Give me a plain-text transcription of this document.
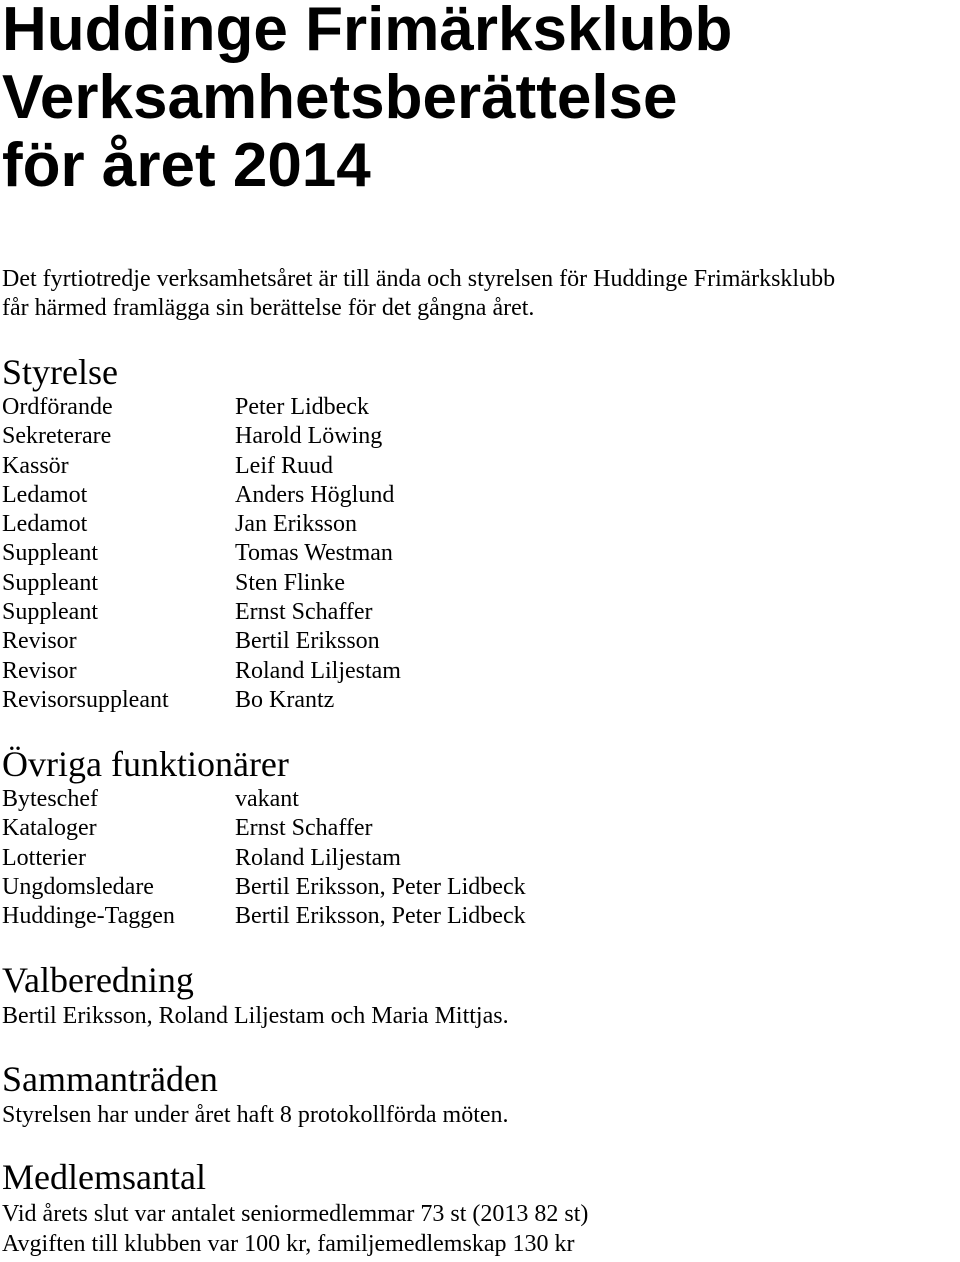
Huddinge Frimärksklubb
Verksamhetsberättelse
för året 2014

Det fyrtiotredje verksamhetsåret är till ända och styrelsen för Huddinge Frimärksklubb
får härmed framlägga sin berättelse för det gångna året.

Styrelse
Ordförande	Peter Lidbeck
Sekreterare	Harold Löwing
Kassör	Leif Ruud
Ledamot	Anders Höglund
Ledamot	Jan Eriksson
Suppleant	Tomas Westman
Suppleant	Sten Flinke
Suppleant	Ernst Schaffer
Revisor	Bertil Eriksson
Revisor	Roland Liljestam
Revisorsuppleant	Bo Krantz
Övriga funktionärer
Byteschef	vakant
Kataloger	Ernst Schaffer
Lotterier	Roland Liljestam
Ungdomsledare	Bertil Eriksson, Peter Lidbeck
Huddinge-Taggen	Bertil Eriksson, Peter Lidbeck
Valberedning

Bertil Eriksson, Roland Liljestam och Maria Mittjas.

Sammanträden

Styrelsen har under året haft 8 protokollförda möten.

Medlemsantal

Vid årets slut var antalet seniormedlemmar 73 st (2013 82 st)
Avgiften till klubben var 100 kr, familjemedlemskap 130 kr
